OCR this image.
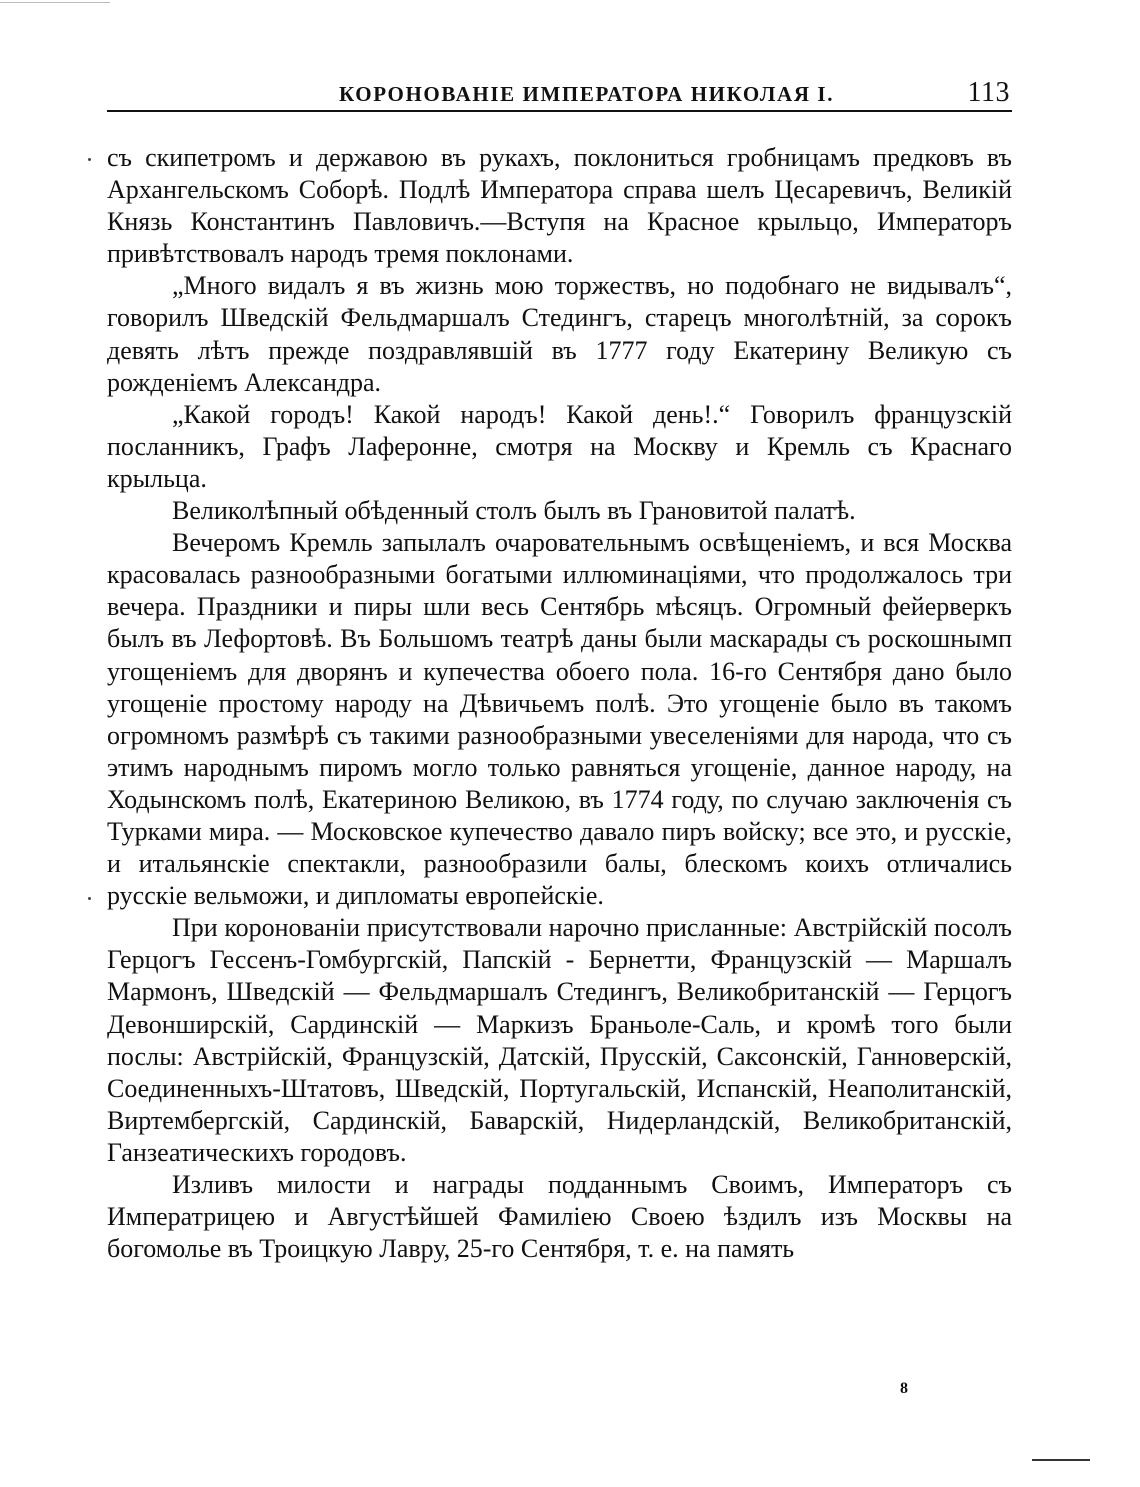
КОРОНОВАНІЕ ИМПЕРАТОРА НИКОЛАЯ I.	113

съ скипетромъ и державою въ рукахъ, поклониться гробницамъ предковъ въ Архангельскомъ Соборѣ. Подлѣ Императора справа шелъ Цесаревичъ, Великій Князь Константинъ Павловичъ.—Вступя на Красное крыльцо, Императоръ привѣтствовалъ народъ тремя поклонами.

„Много видалъ я въ жизнь мою торжествъ, но подобнаго не видывалъ“, говорилъ Шведскій Фельдмаршалъ Стедингъ, старецъ многолѣтній, за сорокъ девять лѣтъ прежде поздравлявшій въ 1777 году Екатерину Великую съ рожденіемъ Александра.

„Какой городъ! Какой народъ! Какой день!.“ Говорилъ французскій посланникъ, Графъ Лаферонне, смотря на Москву и Кремль съ Краснаго крыльца.

Великолѣпный обѣденный столъ былъ въ Грановитой палатѣ.

Вечеромъ Кремль запылалъ очаровательнымъ освѣщеніемъ, и вся Москва красовалась разнообразными богатыми иллюминаціями, что продолжалось три вечера. Праздники и пиры шли весь Сентябрь мѣсяцъ. Огромный фейерверкъ былъ въ Лефортовѣ. Въ Большомъ театрѣ даны были маскарады съ роскошнымп угощеніемъ для дворянъ и купечества обоего пола. 16-го Сентября дано было угощеніе простому народу на Дѣвичьемъ полѣ. Это угощеніе было въ такомъ огромномъ размѣрѣ съ такими разнообразными увеселеніями для народа, что съ этимъ народнымъ пиромъ могло только равняться угощеніе, данное народу, на Ходынскомъ полѣ, Екатериною Великою, въ 1774 году, по случаю заключенія съ Турками мира. — Московское купечество давало пиръ войску; все это, и русскіе, и итальянскіе спектакли, разнообразили балы, блескомъ коихъ отличались русскіе вельможи, и дипломаты европейскіе.

При коронованіи присутствовали нарочно присланные: Австрійскій посолъ Герцогъ Гессенъ-Гомбургскій, Папскій - Бернетти, Французскій — Маршалъ Мармонъ, Шведскій — Фельдмаршалъ Стедингъ, Великобританскій — Герцогъ Девонширскій, Сардинскій — Маркизъ Браньоле-Саль, и кромѣ того были послы: Австрійскій, Французскій, Датскій, Прусскій, Саксонскій, Ганноверскій, Соединенныхъ-Штатовъ, Шведскій, Португальскій, Испанскій, Неаполитанскій, Виртембергскій, Сардинскій, Баварскій, Нидерландскій, Великобританскій, Ганзеатическихъ городовъ.

Изливъ милости и награды подданнымъ Своимъ, Императоръ съ Императрицею и Августѣйшей Фамиліею Своею ѣздилъ изъ Москвы на богомолье въ Троицкую Лавру, 25-го Сентября, т. е. на память

8
